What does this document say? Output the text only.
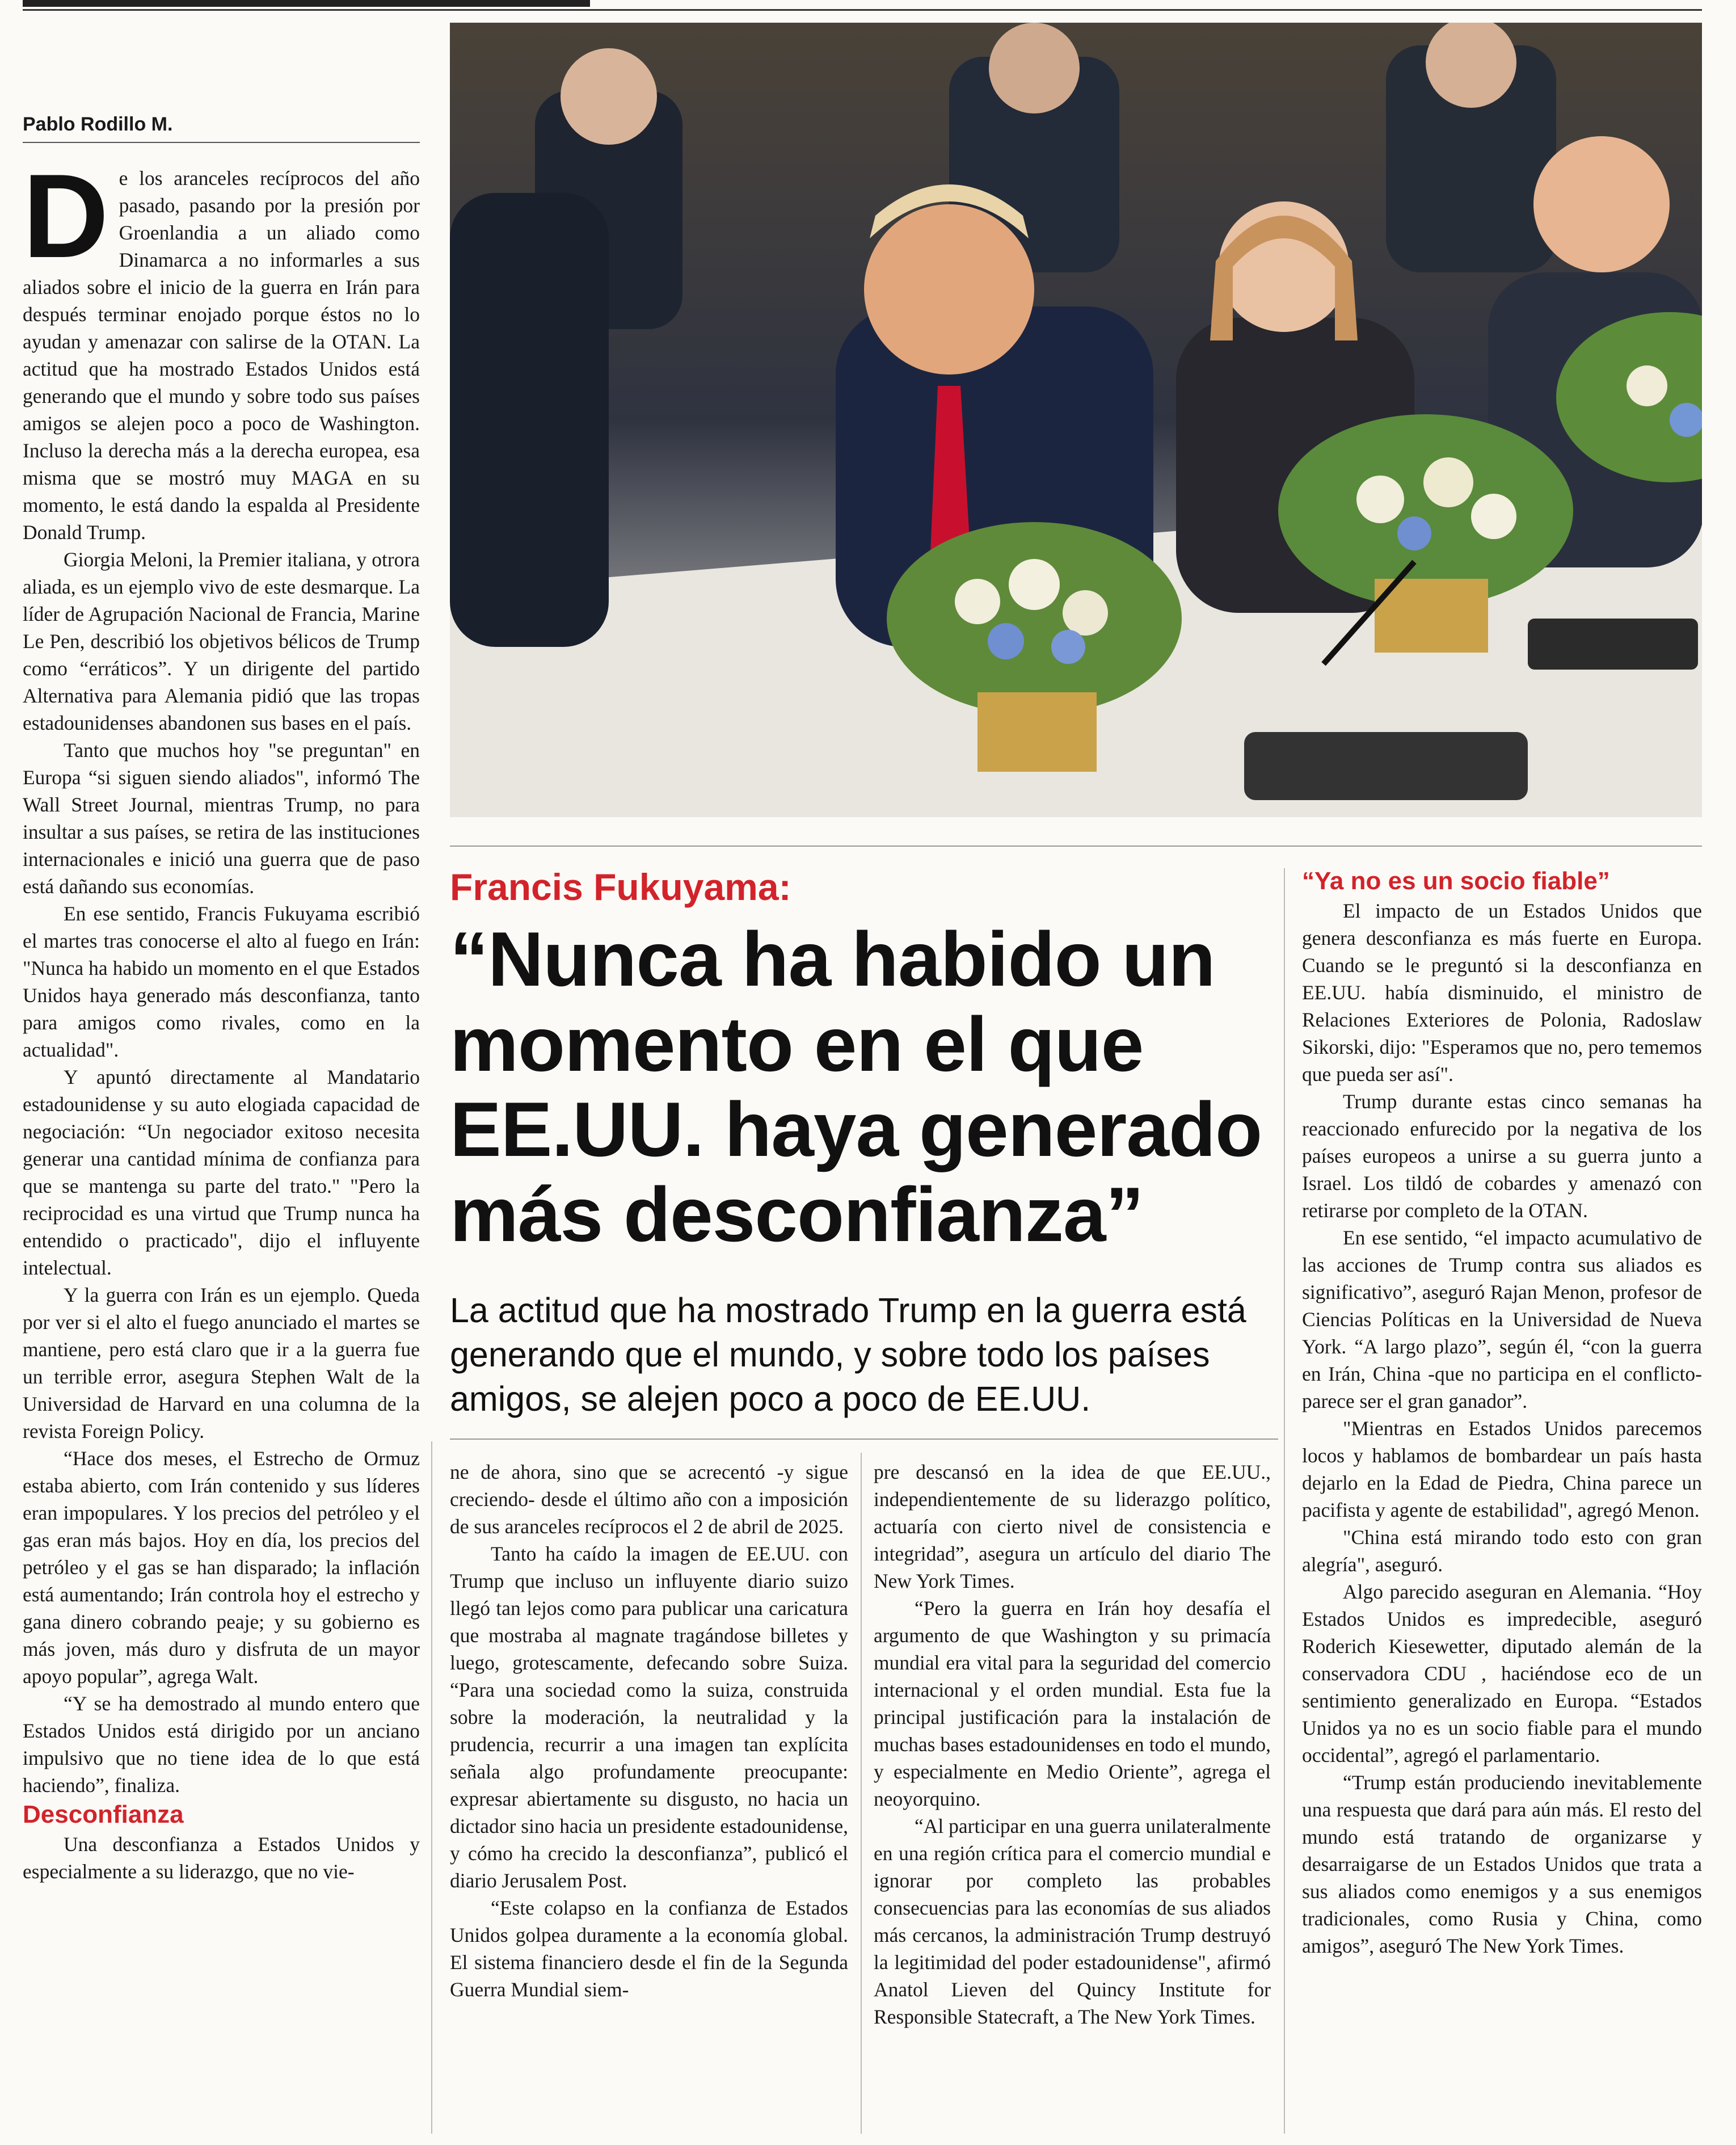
Pablo Rodillo M.

De los aranceles recíprocos del año pasado, pasando por la presión por Groenlandia a un aliado como Dinamarca a no informarles a sus aliados sobre el inicio de la guerra en Irán para después terminar enojado porque éstos no lo ayudan y amenazar con salirse de la OTAN. La actitud que ha mostrado Estados Unidos está generando que el mundo y sobre todo sus países amigos se alejen poco a poco de Washington. Incluso la derecha más a la derecha europea, esa misma que se mostró muy MAGA en su momento, le está dando la espalda al Presidente Donald Trump.

Giorgia Meloni, la Premier italiana, y otrora aliada, es un ejemplo vivo de este desmarque. La líder de Agrupación Nacional de Francia, Marine Le Pen, describió los objetivos bélicos de Trump como “erráticos”. Y un dirigente del partido Alternativa para Alemania pidió que las tropas estadounidenses abandonen sus bases en el país.

Tanto que muchos hoy "se preguntan" en Europa “si siguen siendo aliados", informó The Wall Street Journal, mientras Trump, no para insultar a sus países, se retira de las instituciones internacionales e inició una guerra que de paso está dañando sus economías.

En ese sentido, Francis Fukuyama escribió el martes tras conocerse el alto al fuego en Irán: "Nunca ha habido un momento en el que Estados Unidos haya generado más desconfianza, tanto para amigos como rivales, como en la actualidad".

Y apuntó directamente al Mandatario estadounidense y su auto elogiada capacidad de negociación: “Un negociador exitoso necesita generar una cantidad mínima de confianza para que se mantenga su parte del trato." "Pero la reciprocidad es una virtud que Trump nunca ha entendido o practicado", dijo el influyente intelectual.

Y la guerra con Irán es un ejemplo. Queda por ver si el alto el fuego anunciado el martes se mantiene, pero está claro que ir a la guerra fue un terrible error, asegura Stephen Walt de la Universidad de Harvard en una columna de la revista Foreign Policy.

“Hace dos meses, el Estrecho de Ormuz estaba abierto, com Irán contenido y sus líderes eran impopulares. Y los precios del petróleo y el gas eran más bajos. Hoy en día, los precios del petróleo y el gas se han disparado; la inflación está aumentando; Irán controla hoy el estrecho y gana dinero cobrando peaje; y su gobierno es más joven, más duro y disfruta de un mayor apoyo popular”, agrega Walt.

“Y se ha demostrado al mundo entero que Estados Unidos está dirigido por un anciano impulsivo que no tiene idea de lo que está haciendo”, finaliza.

Desconfianza

Una desconfianza a Estados Unidos y especialmente a su liderazgo, que no vie-

Francis Fukuyama:
“Nunca ha habido un momento en el que EE.UU. haya generado más desconfianza”
La actitud que ha mostrado Trump en la guerra está generando que el mundo, y sobre todo los países amigos, se alejen poco a poco de EE.UU.

ne de ahora, sino que se acrecentó -y sigue creciendo- desde el último año con a imposición de sus aranceles recíprocos el 2 de abril de 2025.

Tanto ha caído la imagen de EE.UU. con Trump que incluso un influyente diario suizo llegó tan lejos como para publicar una caricatura que mostraba al magnate tragándose billetes y luego, grotescamente, defecando sobre Suiza. “Para una sociedad como la suiza, construida sobre la moderación, la neutralidad y la prudencia, recurrir a una imagen tan explícita señala algo profundamente preocupante: expresar abiertamente su disgusto, no hacia un dictador sino hacia un presidente estadounidense, y cómo ha crecido la desconfianza”, publicó el diario Jerusalem Post.

“Este colapso en la confianza de Estados Unidos golpea duramente a la economía global. El sistema financiero desde el fin de la Segunda Guerra Mundial siem-

pre descansó en la idea de que EE.UU., independientemente de su liderazgo político, actuaría con cierto nivel de consistencia e integridad”, asegura un artículo del diario The New York Times.

“Pero la guerra en Irán hoy desafía el argumento de que Washington y su primacía mundial era vital para la seguridad del comercio internacional y el orden mundial. Esta fue la principal justificación para la instalación de muchas bases estadounidenses en todo el mundo, y especialmente en Medio Oriente”, agrega el neoyorquino.

“Al participar en una guerra unilateralmente en una región crítica para el comercio mundial e ignorar por completo las probables consecuencias para las economías de sus aliados más cercanos, la administración Trump destruyó la legitimidad del poder estadounidense", afirmó Anatol Lieven del Quincy Institute for Responsible Statecraft, a The New York Times.

“Ya no es un socio fiable”

El impacto de un Estados Unidos que genera desconfianza es más fuerte en Europa. Cuando se le preguntó si la desconfianza en EE.UU. había disminuido, el ministro de Relaciones Exteriores de Polonia, Radoslaw Sikorski, dijo: "Esperamos que no, pero tememos que pueda ser así".

Trump durante estas cinco semanas ha reaccionado enfurecido por la negativa de los países europeos a unirse a su guerra junto a Israel. Los tildó de cobardes y amenazó con retirarse por completo de la OTAN.

En ese sentido, “el impacto acumulativo de las acciones de Trump contra sus aliados es significativo”, aseguró Rajan Menon, profesor de Ciencias Políticas en la Universidad de Nueva York. “A largo plazo”, según él, “con la guerra en Irán, China -que no participa en el conflicto- parece ser el gran ganador”.

"Mientras en Estados Unidos parecemos locos y hablamos de bombardear un país hasta dejarlo en la Edad de Piedra, China parece un pacifista y agente de estabilidad", agregó Menon.

"China está mirando todo esto con gran alegría", aseguró.

Algo parecido aseguran en Alemania. “Hoy Estados Unidos es impredecible, aseguró Roderich Kiesewetter, diputado alemán de la conservadora CDU , haciéndose eco de un sentimiento generalizado en Europa. “Estados Unidos ya no es un socio fiable para el mundo occidental”, agregó el parlamentario.

“Trump están produciendo inevitablemente una respuesta que dará para aún más. El resto del mundo está tratando de organizarse y desarraigarse de un Estados Unidos que trata a sus aliados como enemigos y a sus enemigos tradicionales, como Rusia y China, como amigos”, aseguró The New York Times.
